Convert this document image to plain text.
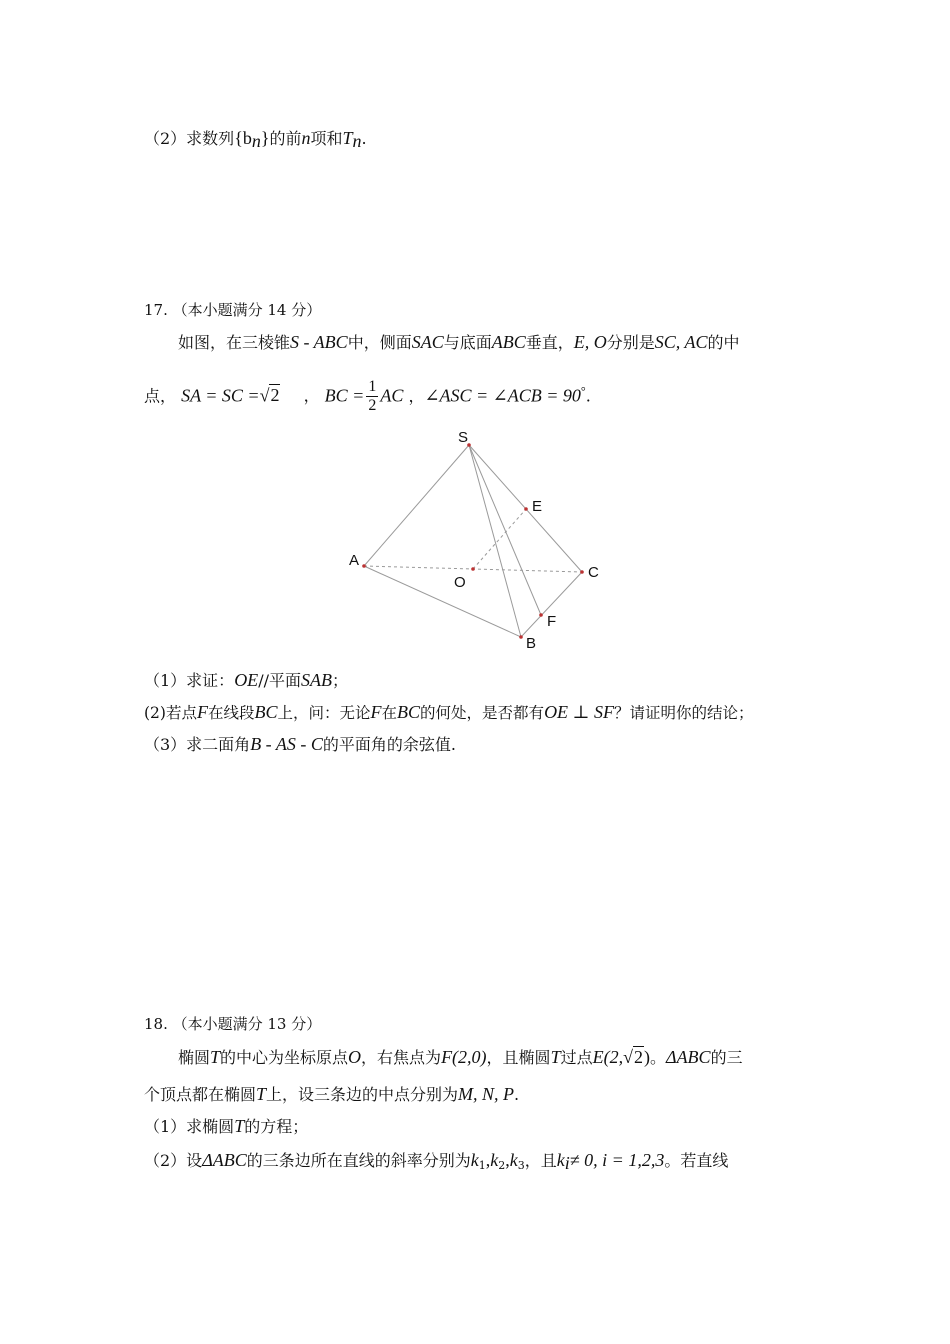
（2）求数列$\{b_n\}$的前n项和$T_n$.
17. （本小题满分 14 分）
如图，在三棱锥S - ABC中，侧面SAC与底面ABC垂直，E, O分别是SC, AC的中
点， SA = SC =√2 ， BC = $\frac{1}{2}$ AC ，∠ASC = ∠ACB = 90°.
S
E
A
O
C
F
B
（1）求证：OE//平面SAB；
(2)若点F在线段BC上，问：无论F在BC的何处，是否都有OE ⊥ SF？请证明你的结论；
（3）求二面角B - AS - C的平面角的余弦值.
18. （本小题满分 13 分）
椭圆T的中心为坐标原点O，右焦点为F(2,0)，且椭圆T过点E(2,√2)。ΔABC的三
个顶点都在椭圆T上，设三条边的中点分别为M, N, P.
（1）求椭圆T的方程；
（2）设ΔABC的三条边所在直线的斜率分别为$k_1,k_2,k_3$，且$k_i\ne 0$, i = 1,2,3。若直线
